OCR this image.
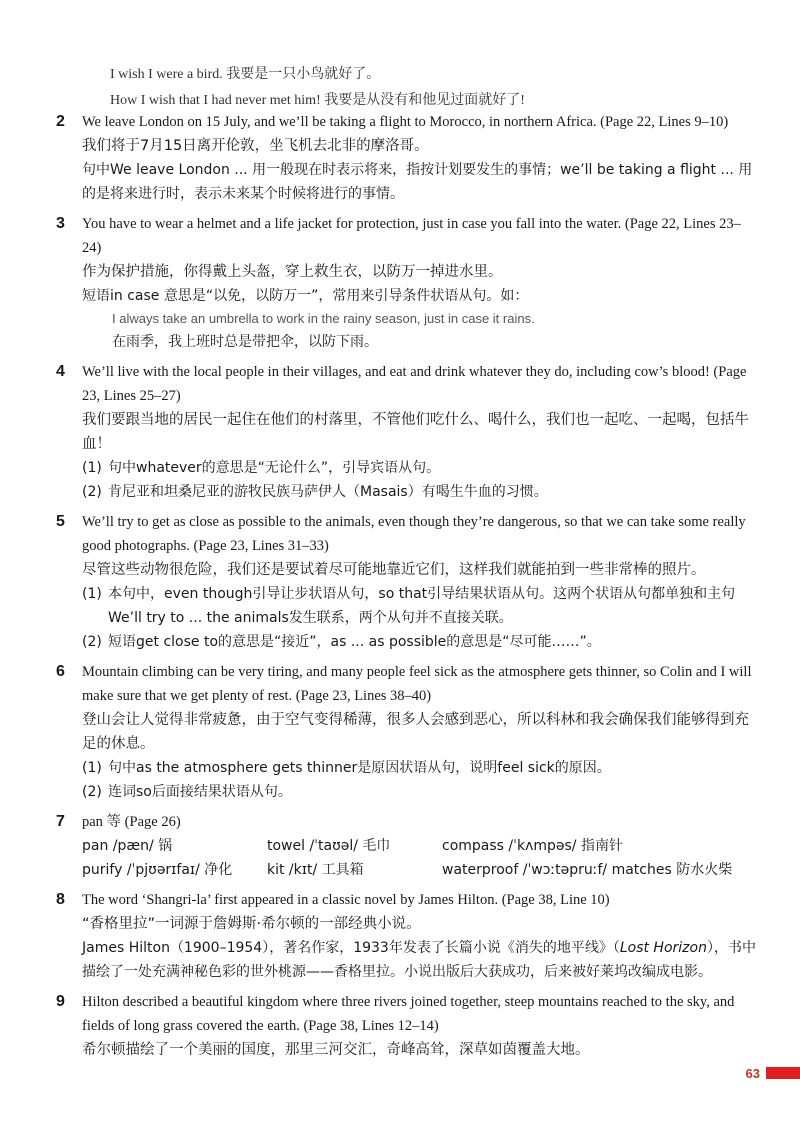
I wish I were a bird. 我要是一只小鸟就好了。
How I wish that I had never met him! 我要是从没有和他见过面就好了!
2 We leave London on 15 July, and we’ll be taking a flight to Morocco, in northern Africa. (Page 22, Lines 9–10)
我们将于7月15日离开伦敦，坐飞机去北非的摩洛哥。
句中We leave London ... 用一般现在时表示将来，指按计划要发生的事情；we’ll be taking a flight ... 用的是将来进行时，表示未来某个时候将进行的事情。
3 You have to wear a helmet and a life jacket for protection, just in case you fall into the water. (Page 22, Lines 23–24)
作为保护措施，你得戴上头盔，穿上救生衣，以防万一掉进水里。
短语in case 意思是“以免，以防万一”，常用来引导条件状语从句。如：
I always take an umbrella to work in the rainy season, just in case it rains.
在雨季，我上班时总是带把伞，以防下雨。
4 We’ll live with the local people in their villages, and eat and drink whatever they do, including cow’s blood! (Page 23, Lines 25–27)
我们要跟当地的居民一起住在他们的村落里，不管他们吃什么、喝什么，我们也一起吃、一起喝，包括牛血！
(1) 句中whatever的意思是“无论什么”，引导宾语从句。
(2) 肯尼亚和坦桑尼亚的游牧民族马萨伊人（Masais）有喝生牛血的习惯。
5 We’ll try to get as close as possible to the animals, even though they’re dangerous, so that we can take some really good photographs. (Page 23, Lines 31–33)
尽管这些动物很危险，我们还是要试着尽可能地靠近它们，这样我们就能拍到一些非常棒的照片。
(1) 本句中，even though引导让步状语从句，so that引导结果状语从句。这两个状语从句都单独和主句We’ll try to ... the animals发生联系，两个从句并不直接关联。
(2) 短语get close to的意思是“接近”，as ... as possible的意思是“尽可能……”。
6 Mountain climbing can be very tiring, and many people feel sick as the atmosphere gets thinner, so Colin and I will make sure that we get plenty of rest. (Page 23, Lines 38–40)
登山会让人觉得非常疲惫，由于空气变得稀薄，很多人会感到恶心，所以科林和我会确保我们能够得到充足的休息。
(1) 句中as the atmosphere gets thinner是原因状语从句，说明feel sick的原因。
(2) 连词so后面接结果状语从句。
7 pan 等 (Page 26)
pan /pæn/ 锅	towel /ˈtaʊəl/ 毛巾	compass /ˈkʌmpəs/ 指南针
purify /ˈpjʊərɪfaɪ/ 净化	kit /kɪt/ 工具箱	waterproof /ˈwɔːtəpruːf/ matches 防水火柴
8 The word ‘Shangri-la’ first appeared in a classic novel by James Hilton. (Page 38, Line 10)
“香格里拉”一词源于詹姆斯·希尔顿的一部经典小说。
James Hilton（1900–1954），著名作家，1933年发表了长篇小说《消失的地平线》（Lost Horizon），书中描绘了一处充满神秘色彩的世外桃源——香格里拉。小说出版后大获成功，后来被好莱坞改编成电影。
9 Hilton described a beautiful kingdom where three rivers joined together, steep mountains reached to the sky, and fields of long grass covered the earth. (Page 38, Lines 12–14)
希尔顿描绘了一个美丽的国度，那里三河交汇，奇峰高耸，深草如茵覆盖大地。
63
